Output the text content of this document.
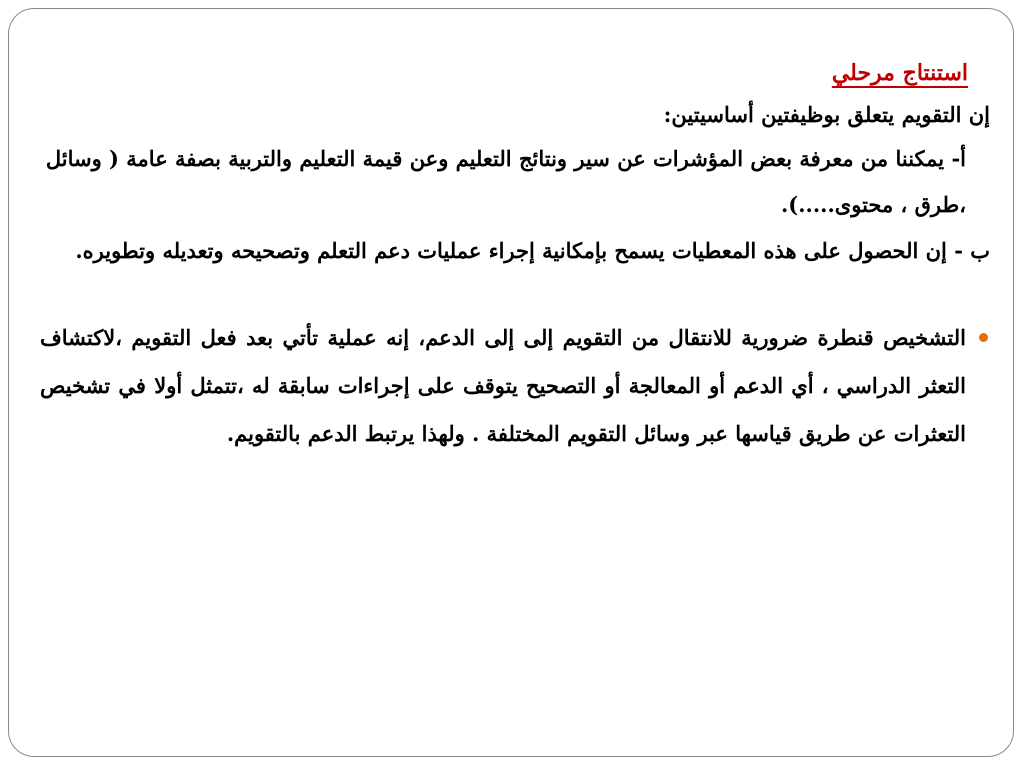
استنتاج مرحلي
إن التقويم يتعلق بوظيفتين أساسيتين:

أ- يمكننا من معرفة بعض المؤشرات عن سير ونتائج التعليم وعن قيمة التعليم والتربية بصفة عامة ( وسائل ،طرق ، محتوى.....).

ب - إن الحصول على هذه المعطيات يسمح بإمكانية إجراء عمليات دعم التعلم وتصحيحه وتعديله وتطويره.

التشخيص قنطرة ضرورية للانتقال من التقويم إلى إلى الدعم، إنه عملية تأتي بعد فعل التقويم ،لاكتشاف التعثر الدراسي ، أي الدعم أو المعالجة أو التصحيح يتوقف على إجراءات سابقة له ،تتمثل أولا في تشخيص التعثرات عن طريق قياسها عبر وسائل التقويم المختلفة . ولهذا يرتبط الدعم بالتقويم.
